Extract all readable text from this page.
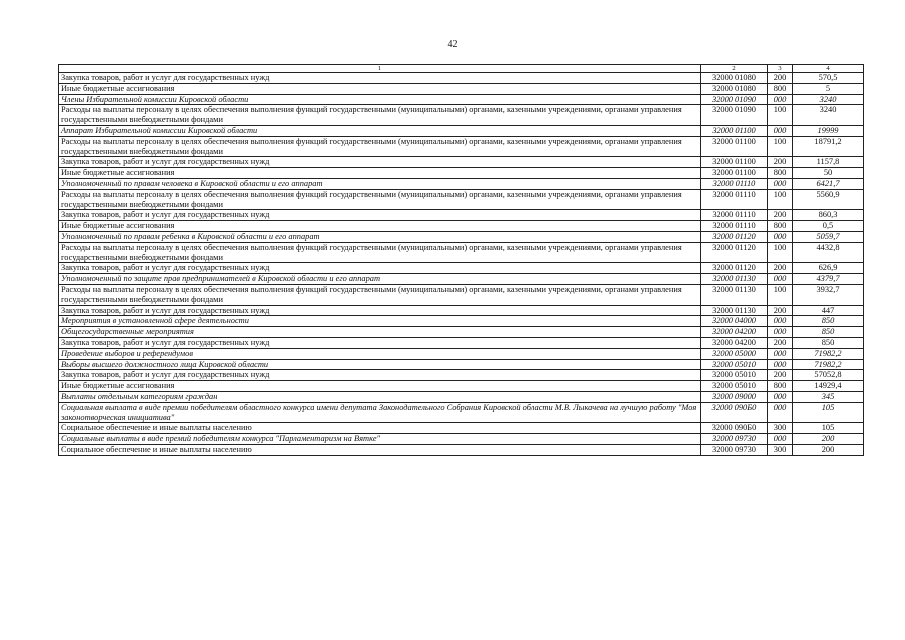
42
1	2	3	4
Закупка товаров, работ и услуг для государственных нужд	32000 01080	200	570,5
Иные бюджетные ассигнования	32000 01080	800	5
Члены Избирательной комиссии Кировской области	32000 01090	000	3240
Расходы на выплаты персоналу в целях обеспечения выполнения функций государственными (муниципальными) органами, казенными учреждениями, органами управления государственными внебюджетными фондами	32000 01090	100	3240
Аппарат Избирательной комиссии Кировской области	32000 01100	000	19999
Расходы на выплаты персоналу в целях обеспечения выполнения функций государственными (муниципальными) органами, казенными учреждениями, органами управления государственными внебюджетными фондами	32000 01100	100	18791,2
Закупка товаров, работ и услуг для государственных нужд	32000 01100	200	1157,8
Иные бюджетные ассигнования	32000 01100	800	50
Уполномоченный по правам человека в Кировской области и его аппарат	32000 01110	000	6421,7
Расходы на выплаты персоналу в целях обеспечения выполнения функций государственными (муниципальными) органами, казенными учреждениями, органами управления государственными внебюджетными фондами	32000 01110	100	5560,9
Закупка товаров, работ и услуг для государственных нужд	32000 01110	200	860,3
Иные бюджетные ассигнования	32000 01110	800	0,5
Уполномоченный по правам ребенка в Кировской области и его аппарат	32000 01120	000	5059,7
Расходы на выплаты персоналу в целях обеспечения выполнения функций государственными (муниципальными) органами, казенными учреждениями, органами управления государственными внебюджетными фондами	32000 01120	100	4432,8
Закупка товаров, работ и услуг для государственных нужд	32000 01120	200	626,9
Уполномоченный по защите прав предпринимателей в Кировской области и его аппарат	32000 01130	000	4379,7
Расходы на выплаты персоналу в целях обеспечения выполнения функций государственными (муниципальными) органами, казенными учреждениями, органами управления государственными внебюджетными фондами	32000 01130	100	3932,7
Закупка товаров, работ и услуг для государственных нужд	32000 01130	200	447
Мероприятия в установленной сфере деятельности	32000 04000	000	850
Общегосударственные мероприятия	32000 04200	000	850
Закупка товаров, работ и услуг для государственных нужд	32000 04200	200	850
Проведение выборов и референдумов	32000 05000	000	71982,2
Выборы высшего должностного лица Кировской области	32000 05010	000	71982,2
Закупка товаров, работ и услуг для государственных нужд	32000 05010	200	57052,8
Иные бюджетные ассигнования	32000 05010	800	14929,4
Выплаты отдельным категориям граждан	32000 09000	000	345
Социальная выплата в виде премии победителям областного конкурса имени депутата Законодательного Собрания Кировской области М.В. Лыкачева на лучшую работу "Моя законотворческая инициатива"	32000 090Б0	000	105
Социальное обеспечение и иные выплаты населению	32000 090Б0	300	105
Социальные выплаты в виде премий победителям конкурса "Парламентаризм на Вятке"	32000 09730	000	200
Социальное обеспечение и иные выплаты населению	32000 09730	300	200
